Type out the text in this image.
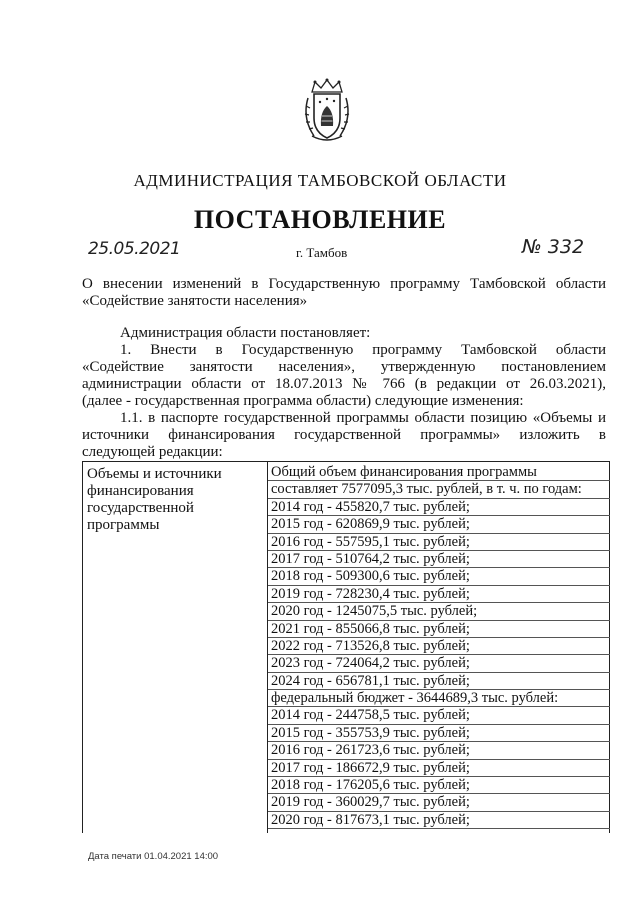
АДМИНИСТРАЦИЯ ТАМБОВСКОЙ ОБЛАСТИ
ПОСТАНОВЛЕНИЕ
25.05.2021	г. Тамбов	№ 332
О внесении изменений в Государственную программу Тамбовской области
«Содействие занятости населения»
Администрация области постановляет:
1. Внести в Государственную программу Тамбовской области
«Содействие занятости населения», утвержденную постановлением
администрации области от 18.07.2013 № 766 (в редакции от 26.03.2021),
(далее - государственная программа области) следующие изменения:
1.1. в паспорте государственной программы области позицию «Объемы и
источники финансирования государственной программы» изложить в
следующей редакции:
Объемы и источники финансирования государственной программы
Общий объем финансирования программы
составляет 7577095,3 тыс. рублей, в т. ч. по годам:
2014 год - 455820,7 тыс. рублей;
2015 год - 620869,9 тыс. рублей;
2016 год - 557595,1 тыс. рублей;
2017 год - 510764,2 тыс. рублей;
2018 год - 509300,6 тыс. рублей;
2019 год - 728230,4 тыс. рублей;
2020 год - 1245075,5 тыс. рублей;
2021 год - 855066,8 тыс. рублей;
2022 год - 713526,8 тыс. рублей;
2023 год - 724064,2 тыс. рублей;
2024 год - 656781,1 тыс. рублей;
федеральный бюджет - 3644689,3 тыс. рублей:
2014 год - 244758,5 тыс. рублей;
2015 год - 355753,9 тыс. рублей;
2016 год - 261723,6 тыс. рублей;
2017 год - 186672,9 тыс. рублей;
2018 год - 176205,6 тыс. рублей;
2019 год - 360029,7 тыс. рублей;
2020 год - 817673,1 тыс. рублей;
Дата печати 01.04.2021 14:00
